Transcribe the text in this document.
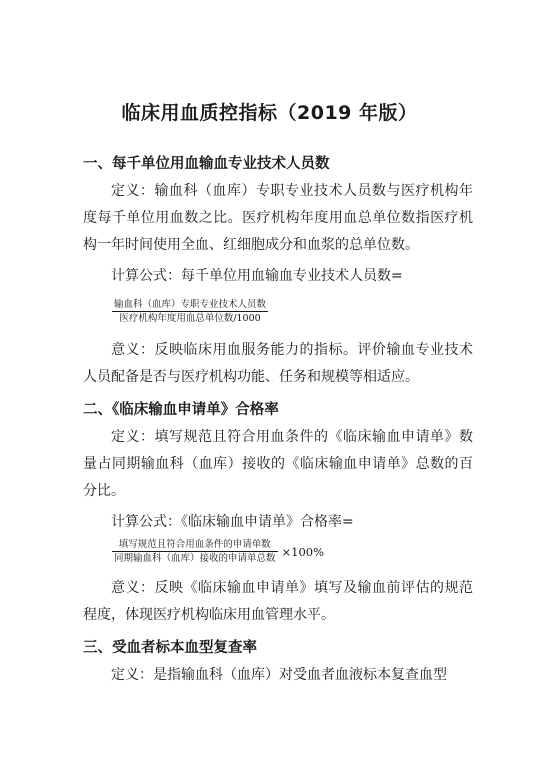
临床用血质控指标（2019 年版）
一、每千单位用血输血专业技术人员数

定义：输血科（血库）专职专业技术人员数与医疗机构年度每千单位用血数之比。医疗机构年度用血总单位数指医疗机构一年时间使用全血、红细胞成分和血浆的总单位数。

计算公式：每千单位用血输血专业技术人员数=
$\frac{\text{输血科（血库）专职专业技术人员数}}{\text{医疗机构年度用血总单位数/1000}}$

意义：反映临床用血服务能力的指标。评价输血专业技术人员配备是否与医疗机构功能、任务和规模等相适应。

二、《临床输血申请单》合格率

定义：填写规范且符合用血条件的《临床输血申请单》数量占同期输血科（血库）接收的《临床输血申请单》总数的百分比。

计算公式：《临床输血申请单》合格率=
$\frac{\text{填写规范且符合用血条件的申请单数}}{\text{同期输血科（血库）接收的申请单总数}} \times 100\%$

意义：反映《临床输血申请单》填写及输血前评估的规范程度，体现医疗机构临床用血管理水平。

三、受血者标本血型复查率

定义：是指输血科（血库）对受血者血液标本复查血型
